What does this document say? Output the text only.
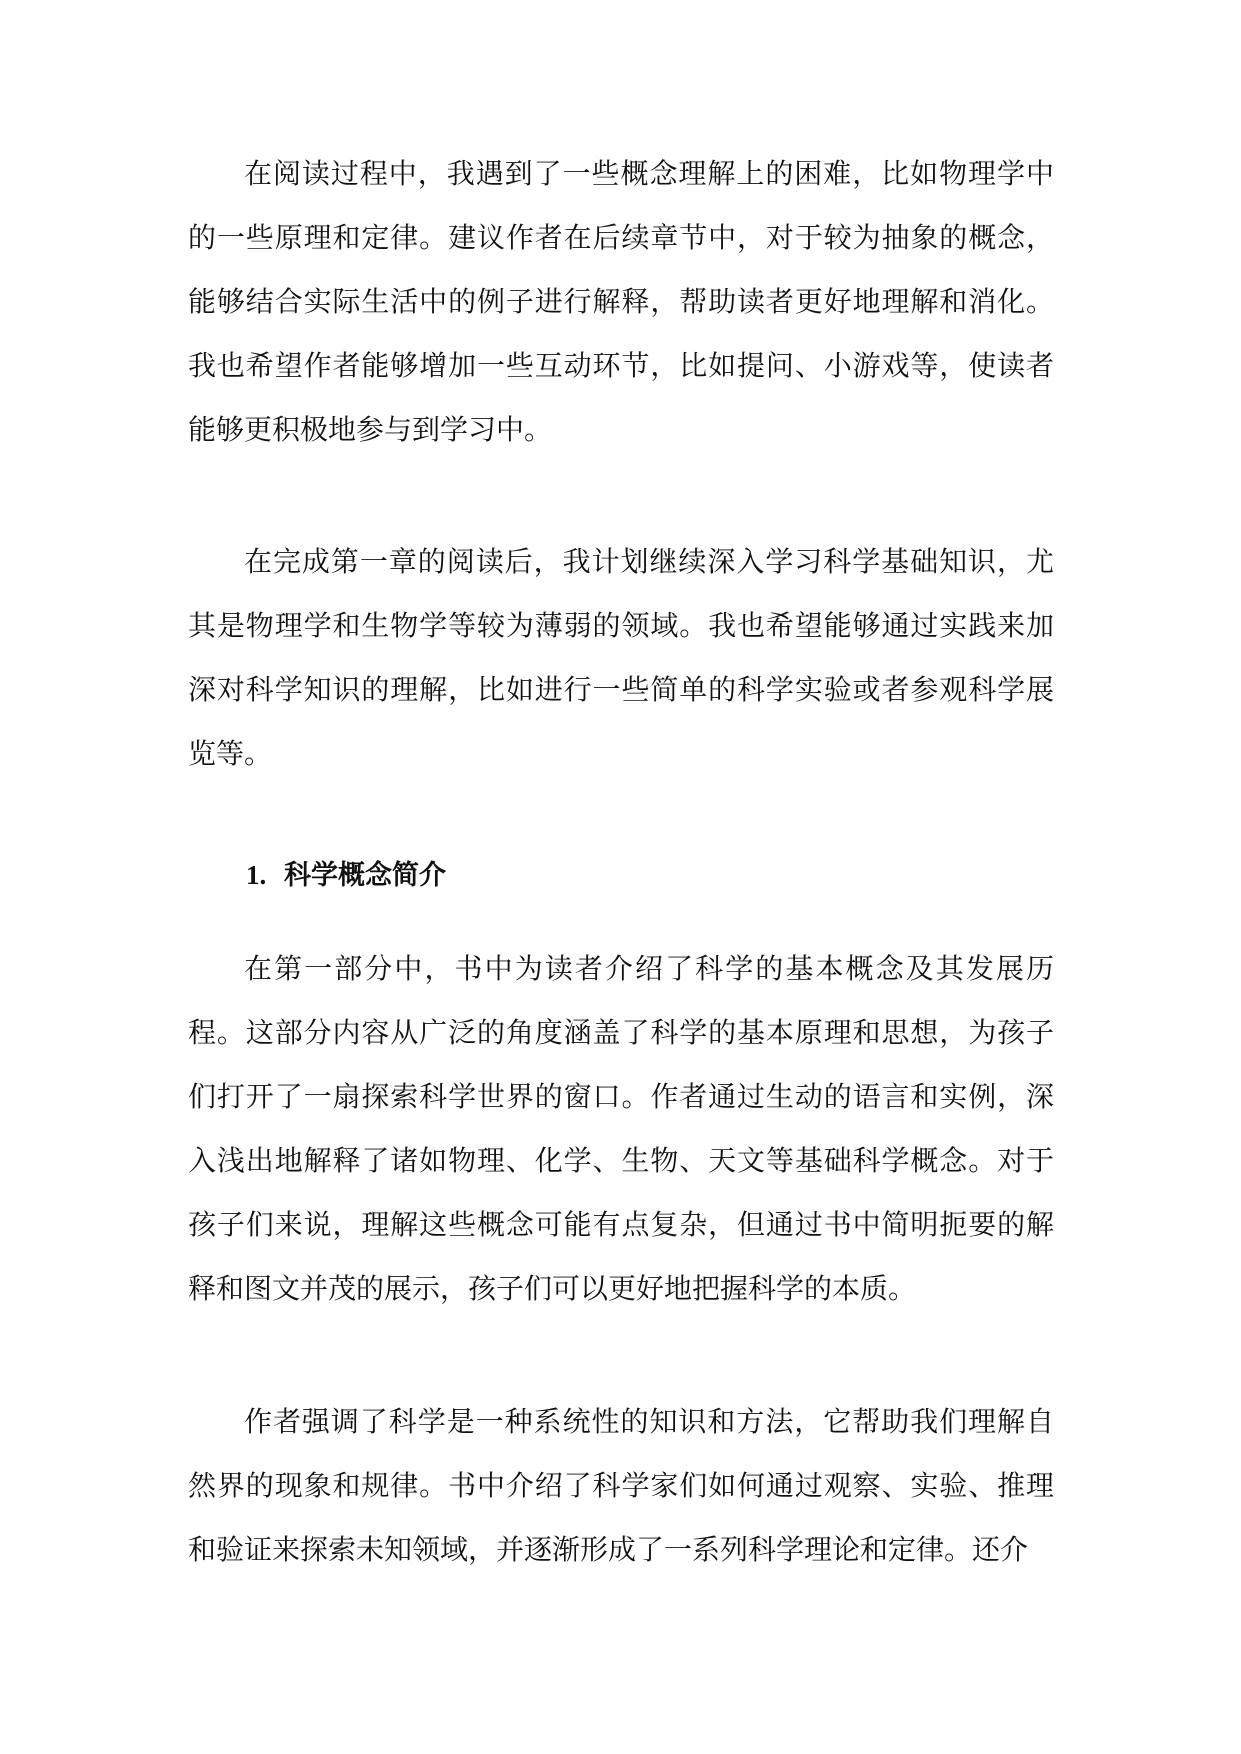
在阅读过程中，我遇到了一些概念理解上的困难，比如物理学中的一些原理和定律。建议作者在后续章节中，对于较为抽象的概念，能够结合实际生活中的例子进行解释，帮助读者更好地理解和消化。我也希望作者能够增加一些互动环节，比如提问、小游戏等，使读者能够更积极地参与到学习中。

在完成第一章的阅读后，我计划继续深入学习科学基础知识，尤其是物理学和生物学等较为薄弱的领域。我也希望能够通过实践来加深对科学知识的理解，比如进行一些简单的科学实验或者参观科学展览等。

1. 科学概念简介

在第一部分中，书中为读者介绍了科学的基本概念及其发展历程。这部分内容从广泛的角度涵盖了科学的基本原理和思想，为孩子们打开了一扇探索科学世界的窗口。作者通过生动的语言和实例，深入浅出地解释了诸如物理、化学、生物、天文等基础科学概念。对于孩子们来说，理解这些概念可能有点复杂，但通过书中简明扼要的解释和图文并茂的展示，孩子们可以更好地把握科学的本质。

作者强调了科学是一种系统性的知识和方法，它帮助我们理解自然界的现象和规律。书中介绍了科学家们如何通过观察、实验、推理和验证来探索未知领域，并逐渐形成了一系列科学理论和定律。还介
